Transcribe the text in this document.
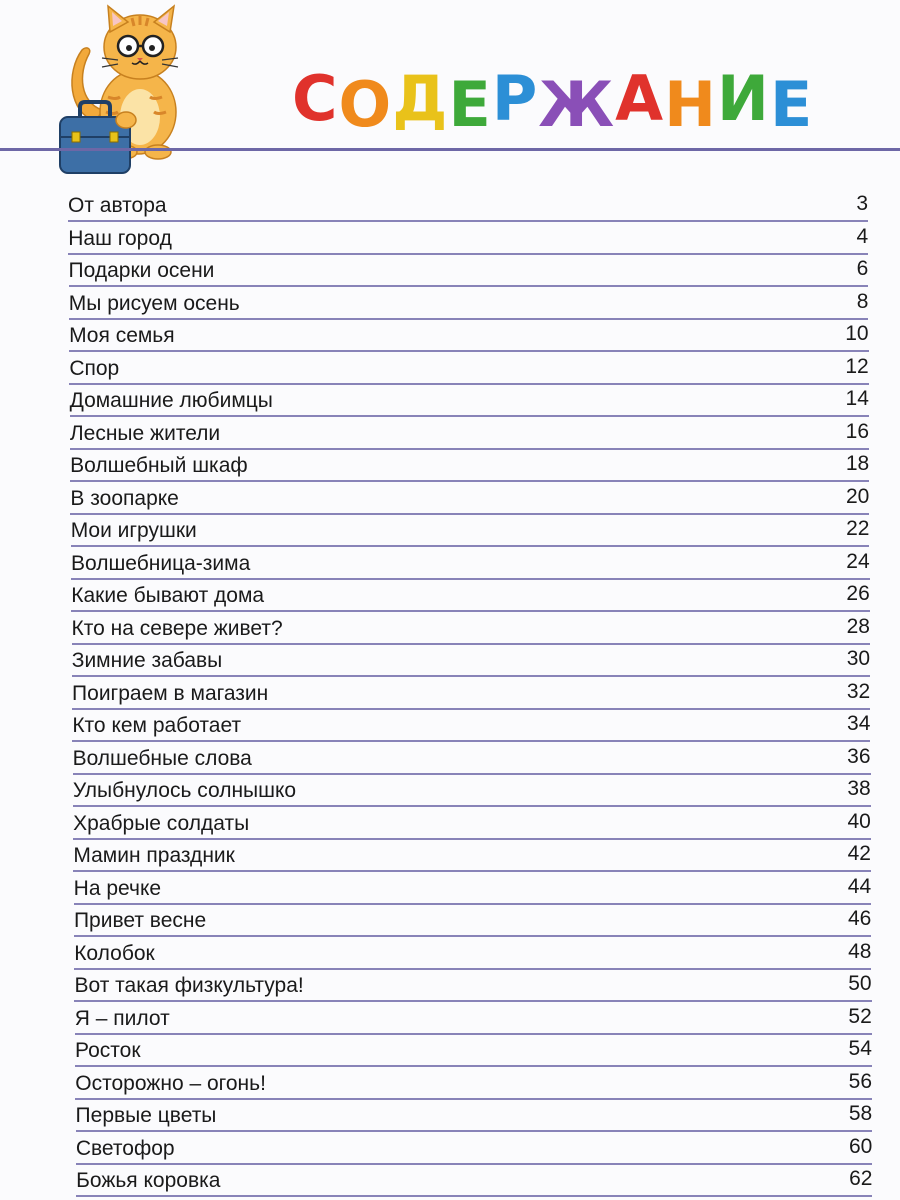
СОДЕРЖАНИЕ
От автора	3
Наш город	4
Подарки осени	6
Мы рисуем осень	8
Моя семья	10
Спор	12
Домашние любимцы	14
Лесные жители	16
Волшебный шкаф	18
В зоопарке	20
Мои игрушки	22
Волшебница-зима	24
Какие бывают дома	26
Кто на севере живет?	28
Зимние забавы	30
Поиграем в магазин	32
Кто кем работает	34
Волшебные слова	36
Улыбнулось солнышко	38
Храбрые солдаты	40
Мамин праздник	42
На речке	44
Привет весне	46
Колобок	48
Вот такая физкультура!	50
Я – пилот	52
Росток	54
Осторожно – огонь!	56
Первые цветы	58
Светофор	60
Божья коровка	62
